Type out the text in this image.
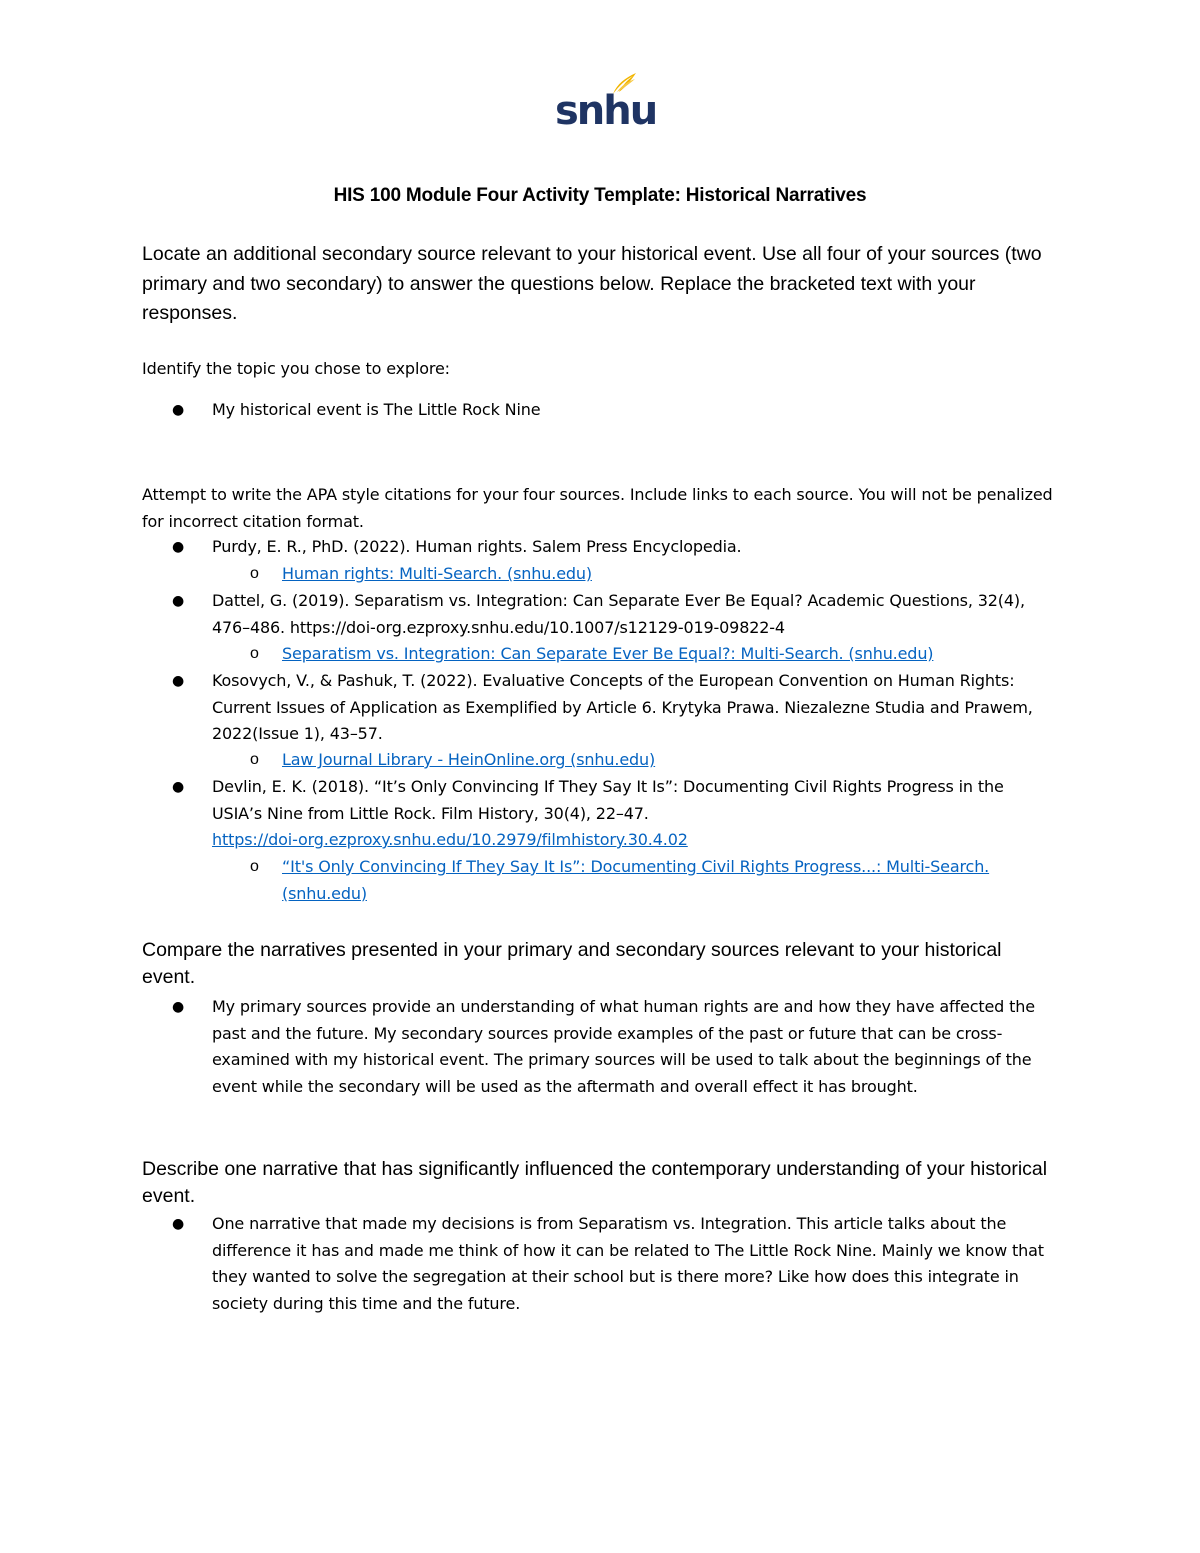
snhu
HIS 100 Module Four Activity Template: Historical Narratives
Locate an additional secondary source relevant to your historical event. Use all four of your sources (two primary and two secondary) to answer the questions below. Replace the bracketed text with your responses.
Identify the topic you chose to explore:
●	My historical event is The Little Rock Nine
Attempt to write the APA style citations for your four sources. Include links to each source. You will not be penalized for incorrect citation format.
●	Purdy, E. R., PhD. (2022). Human rights. Salem Press Encyclopedia.
o Human rights: Multi-Search. (snhu.edu)
●	Dattel, G. (2019). Separatism vs. Integration: Can Separate Ever Be Equal? Academic Questions, 32(4), 476–486. https://doi-org.ezproxy.snhu.edu/10.1007/s12129-019-09822-4
o Separatism vs. Integration: Can Separate Ever Be Equal?: Multi-Search. (snhu.edu)
●	Kosovych, V., & Pashuk, T. (2022). Evaluative Concepts of the European Convention on Human Rights: Current Issues of Application as Exemplified by Article 6. Krytyka Prawa. Niezalezne Studia and Prawem, 2022(Issue 1), 43–57.
o Law Journal Library - HeinOnline.org (snhu.edu)
●	Devlin, E. K. (2018). “It’s Only Convincing If They Say It Is”: Documenting Civil Rights Progress in the USIA’s Nine from Little Rock. Film History, 30(4), 22–47.
https://doi-org.ezproxy.snhu.edu/10.2979/filmhistory.30.4.02
o “It's Only Convincing If They Say It Is”: Documenting Civil Rights Progress...: Multi-Search. (snhu.edu)
Compare the narratives presented in your primary and secondary sources relevant to your historical event.
●	My primary sources provide an understanding of what human rights are and how they have affected the past and the future. My secondary sources provide examples of the past or future that can be cross-examined with my historical event. The primary sources will be used to talk about the beginnings of the event while the secondary will be used as the aftermath and overall effect it has brought.
Describe one narrative that has significantly influenced the contemporary understanding of your historical event.
●	One narrative that made my decisions is from Separatism vs. Integration. This article talks about the difference it has and made me think of how it can be related to The Little Rock Nine. Mainly we know that they wanted to solve the segregation at their school but is there more? Like how does this integrate in society during this time and the future.
